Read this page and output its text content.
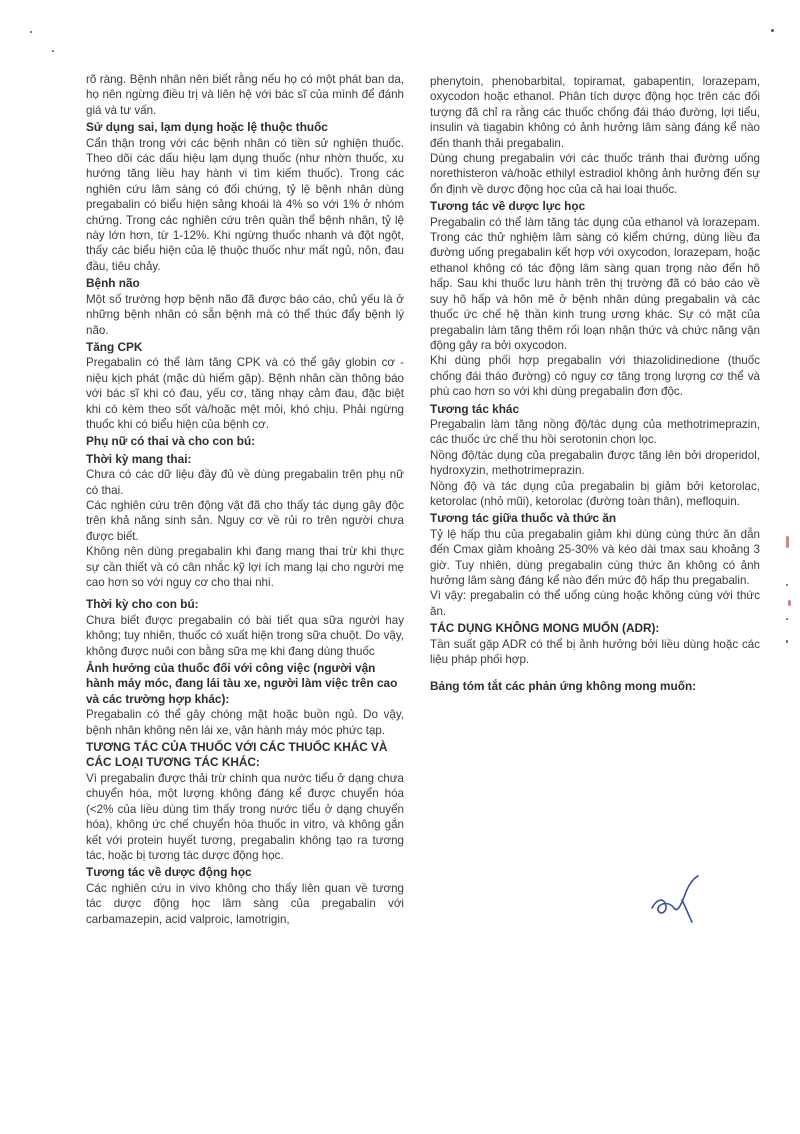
rõ ràng. Bệnh nhân nên biết rằng nếu họ có một phát ban da, họ nên ngừng điều trị và liên hệ với bác sĩ của mình để đánh giá và tư vấn.

Sử dụng sai, lạm dụng hoặc lệ thuộc thuốc

Cẩn thận trong với các bệnh nhân có tiền sử nghiện thuốc. Theo dõi các dấu hiệu lạm dụng thuốc (như nhờn thuốc, xu hướng tăng liều hay hành vi tìm kiếm thuốc). Trong các nghiên cứu lâm sàng có đối chứng, tỷ lệ bệnh nhân dùng pregabalin có biểu hiện sảng khoái là 4% so với 1% ở nhóm chứng. Trong các nghiên cứu trên quần thể bệnh nhân, tỷ lệ này lớn hơn, từ 1-12%. Khi ngừng thuốc nhanh và đột ngột, thấy các biểu hiện của lệ thuộc thuốc như mất ngủ, nôn, đau đầu, tiêu chảy.

Bệnh não

Một số trường hợp bệnh não đã được báo cáo, chủ yếu là ở những bệnh nhân có sẵn bệnh mà có thể thúc đẩy bệnh lý não.

Tăng CPK

Pregabalin có thể làm tăng CPK và có thể gây globin cơ - niệu kịch phát (mặc dù hiếm gặp). Bệnh nhân cần thông báo với bác sĩ khi có đau, yếu cơ, tăng nhạy cảm đau, đặc biệt khi có kèm theo sốt và/hoặc mệt mỏi, khó chịu. Phải ngừng thuốc khi có biểu hiện của bệnh cơ.

Phụ nữ có thai và cho con bú:

Thời kỳ mang thai:

Chưa có các dữ liệu đầy đủ về dùng pregabalin trên phụ nữ có thai.

Các nghiên cứu trên động vật đã cho thấy tác dụng gây độc trên khả năng sinh sản. Nguy cơ về rủi ro trên người chưa được biết.

Không nên dùng pregabalin khi đang mang thai trừ khi thực sự cần thiết và có cân nhắc kỹ lợi ích mang lại cho người mẹ cao hơn so với nguy cơ cho thai nhi.

Thời kỳ cho con bú:

Chưa biết được pregabalin có bài tiết qua sữa người hay không; tuy nhiên, thuốc có xuất hiện trong sữa chuột. Do vậy, không được nuôi con bằng sữa mẹ khi đang dùng thuốc

Ảnh hưởng của thuốc đối với công việc (người vận hành máy móc, đang lái tàu xe, người làm việc trên cao và các trường hợp khác):

Pregabalin có thể gây chóng mặt hoặc buồn ngủ. Do vậy, bệnh nhân không nên lái xe, vận hành máy móc phức tạp.

TƯƠNG TÁC CỦA THUỐC VỚI CÁC THUỐC KHÁC VÀ CÁC LOẠI TƯƠNG TÁC KHÁC:

Vì pregabalin được thải trừ chính qua nước tiểu ở dạng chưa chuyển hóa, một lượng không đáng kể được chuyển hóa (<2% của liều dùng tìm thấy trong nước tiểu ở dạng chuyển hóa), không ức chế chuyển hóa thuốc in vitro, và không gắn kết với protein huyết tương, pregabalin không tạo ra tương tác, hoặc bị tương tác dược động học.

Tương tác về dược động học

Các nghiên cứu in vivo không cho thấy liên quan về tương tác dược động học lâm sàng của pregabalin với carbamazepin, acid valproic, lamotrigin,

phenytoin, phenobarbital, topiramat, gabapentin, lorazepam, oxycodon hoặc ethanol. Phân tích dược động học trên các đối tượng đã chỉ ra rằng các thuốc chống đái tháo đường, lợi tiểu, insulin và tiagabin không có ảnh hưởng lâm sàng đáng kể nào đến thanh thải pregabalin.

Dùng chung pregabalin với các thuốc tránh thai đường uống norethisteron và/hoặc ethilyl estradiol không ảnh hưởng đến sự ổn định về dược động học của cả hai loại thuốc.

Tương tác về dược lực học

Pregabalin có thể làm tăng tác dụng của ethanol và lorazepam. Trong các thử nghiệm lâm sàng có kiểm chứng, dùng liều đa đường uống pregabalin kết hợp với oxycodon, lorazepam, hoặc ethanol không có tác động lâm sàng quan trọng nào đến hô hấp. Sau khi thuốc lưu hành trên thị trường đã có báo cáo về suy hô hấp và hôn mê ở bệnh nhân dùng pregabalin và các thuốc ức chế hệ thần kinh trung ương khác. Sự có mặt của pregabalin làm tăng thêm rối loạn nhận thức và chức năng vận động gây ra bởi oxycodon.

Khi dùng phối hợp pregabalin với thiazolidinedione (thuốc chống đái tháo đường) có nguy cơ tăng trọng lượng cơ thể và phù cao hơn so với khi dùng pregabalin đơn độc.

Tương tác khác

Pregabalin làm tăng nồng độ/tác dụng của methotrimeprazin, các thuốc ức chế thu hồi serotonin chọn lọc.

Nồng độ/tác dụng của pregabalin được tăng lên bởi droperidol, hydroxyzin, methotrimeprazin.

Nồng độ và tác dụng của pregabalin bị giảm bởi ketorolac, ketorolac (nhỏ mũi), ketorolac (đường toàn thân), mefloquin.

Tương tác giữa thuốc và thức ăn

Tỷ lệ hấp thu của pregabalin giảm khi dùng cùng thức ăn dẫn đến Cmax giảm khoảng 25-30% và kéo dài tmax sau khoảng 3 giờ. Tuy nhiên, dùng pregabalin cùng thức ăn không có ảnh hưởng lâm sàng đáng kể nào đến mức độ hấp thu pregabalin.

Vì vậy: pregabalin có thể uống cùng hoặc không cùng với thức ăn.

TÁC DỤNG KHÔNG MONG MUỐN (ADR):

Tần suất gặp ADR có thể bị ảnh hưởng bởi liều dùng hoặc các liệu pháp phối hợp.

Bảng tóm tắt các phản ứng không mong muốn:
